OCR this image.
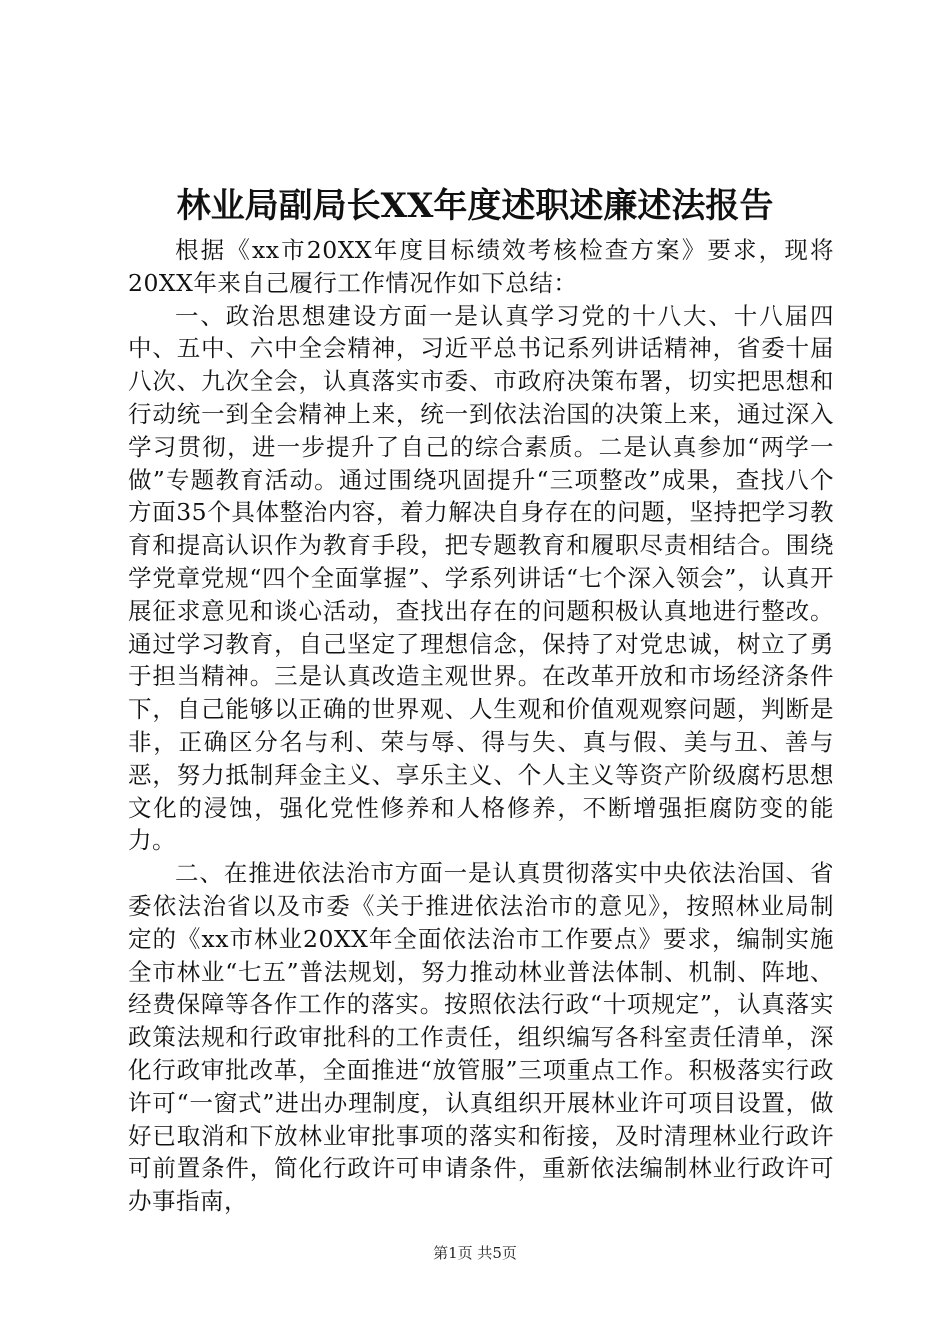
林业局副局长XX年度述职述廉述法报告

根据《xx市20XX年度目标绩效考核检查方案》要求，现将20XX年来自己履行工作情况作如下总结：

一、政治思想建设方面一是认真学习党的十八大、十八届四中、五中、六中全会精神，习近平总书记系列讲话精神，省委十届八次、九次全会，认真落实市委、市政府决策布署，切实把思想和行动统一到全会精神上来，统一到依法治国的决策上来，通过深入学习贯彻，进一步提升了自己的综合素质。二是认真参加“两学一做”专题教育活动。通过围绕巩固提升“三项整改”成果，查找八个方面35个具体整治内容，着力解决自身存在的问题，坚持把学习教育和提高认识作为教育手段，把专题教育和履职尽责相结合。围绕学党章党规“四个全面掌握”、学系列讲话“七个深入领会”，认真开展征求意见和谈心活动，查找出存在的问题积极认真地进行整改。通过学习教育，自己坚定了理想信念，保持了对党忠诚，树立了勇于担当精神。三是认真改造主观世界。在改革开放和市场经济条件下，自己能够以正确的世界观、人生观和价值观观察问题，判断是非，正确区分名与利、荣与辱、得与失、真与假、美与丑、善与恶，努力抵制拜金主义、享乐主义、个人主义等资产阶级腐朽思想文化的浸蚀，强化党性修养和人格修养，不断增强拒腐防变的能力。

二、在推进依法治市方面一是认真贯彻落实中央依法治国、省委依法治省以及市委《关于推进依法治市的意见》，按照林业局制定的《xx市林业20XX年全面依法治市工作要点》要求，编制实施全市林业“七五”普法规划，努力推动林业普法体制、机制、阵地、经费保障等各作工作的落实。按照依法行政“十项规定”，认真落实政策法规和行政审批科的工作责任，组织编写各科室责任清单，深化行政审批改革，全面推进“放管服”三项重点工作。积极落实行政许可“一窗式”进出办理制度，认真组织开展林业许可项目设置，做好已取消和下放林业审批事项的落实和衔接，及时清理林业行政许可前置条件，简化行政许可申请条件，重新依法编制林业行政许可办事指南，

第1页 共5页
